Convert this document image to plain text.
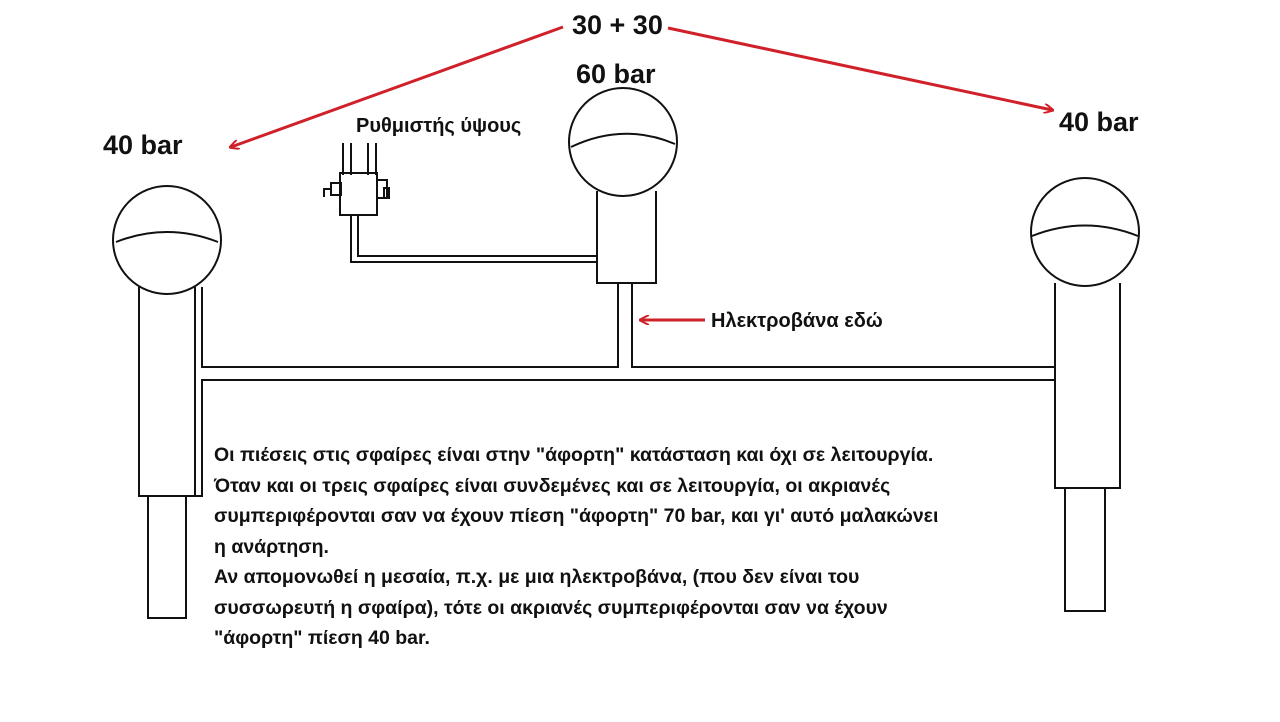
30 + 30
60 bar
40 bar
40 bar
Ρυθμιστής ύψους
Ηλεκτροβάνα εδώ

Οι πιέσεις στις σφαίρες είναι στην "άφορτη" κατάσταση και όχι σε λειτουργία.

Όταν και οι τρεις σφαίρες είναι συνδεμένες και σε λειτουργία, οι ακριανές

συμπεριφέρονται σαν να έχουν πίεση "άφορτη" 70 bar, και γι' αυτό μαλακώνει

η ανάρτηση.

Αν απομονωθεί η μεσαία, π.χ. με μια ηλεκτροβάνα, (που δεν είναι του

συσσωρευτή η σφαίρα), τότε οι ακριανές συμπεριφέρονται σαν να έχουν

"άφορτη" πίεση 40 bar.
